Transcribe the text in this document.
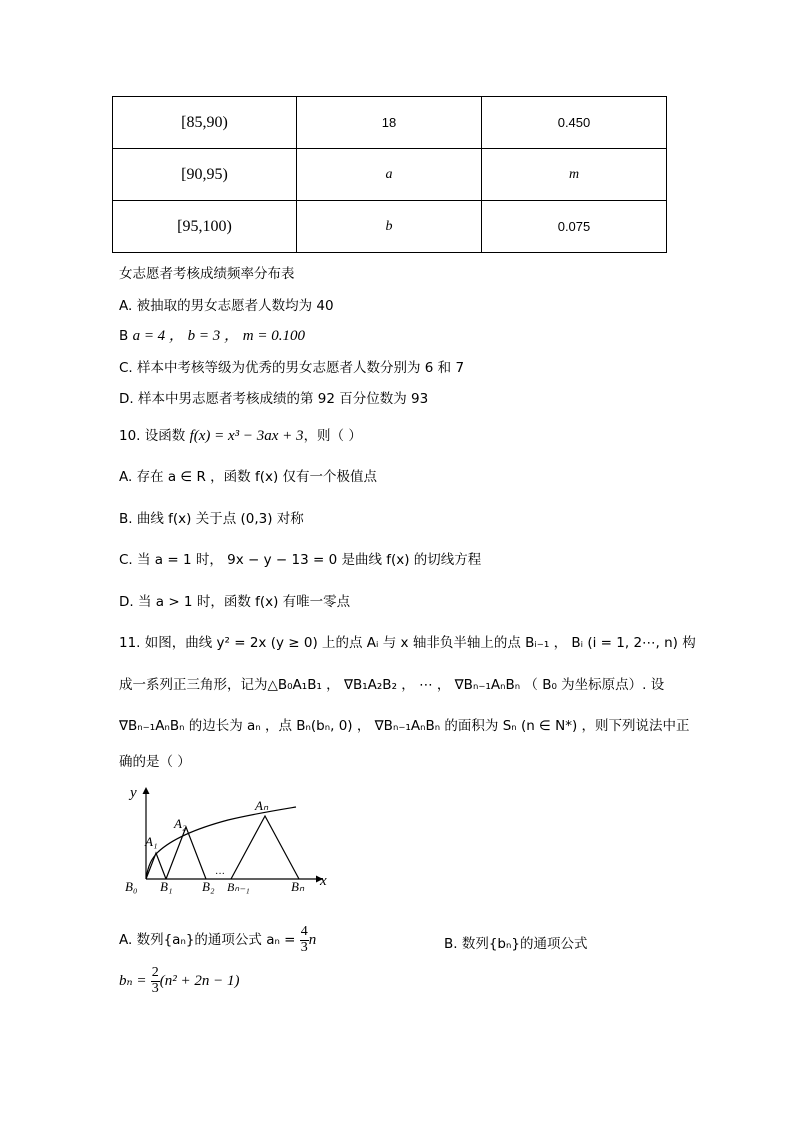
[85,90)	18	0.450
[90,95)	a	m
[95,100)	b	0.075
女志愿者考核成绩频率分布表
A. 被抽取的男女志愿者人数均为 40
B a = 4 ， b = 3 ， m = 0.100
C. 样本中考核等级为优秀的男女志愿者人数分别为 6 和 7
D. 样本中男志愿者考核成绩的第 92 百分位数为 93
10. 设函数 f(x) = x³ − 3ax + 3，则（ ）
A. 存在 a ∈ R ，函数 f(x) 仅有一个极值点
B. 曲线 f(x) 关于点 (0,3) 对称
C. 当 a = 1 时， 9x − y − 13 = 0 是曲线 f(x) 的切线方程
D. 当 a > 1 时，函数 f(x) 有唯一零点
11. 如图，曲线 y² = 2x (y ≥ 0) 上的点 Aᵢ 与 x 轴非负半轴上的点 Bᵢ₋₁ ， Bᵢ (i = 1, 2⋯, n) 构
成一系列正三角形，记为△B₀A₁B₁ ， ∇B₁A₂B₂ ， ⋯ ， ∇Bₙ₋₁AₙBₙ （ B₀ 为坐标原点）. 设
∇Bₙ₋₁AₙBₙ 的边长为 aₙ ，点 Bₙ(bₙ, 0) ， ∇Bₙ₋₁AₙBₙ 的面积为 Sₙ (n ∈ N*) ，则下列说法中正
确的是（ ）
y
x
A₁
A₂
Aₙ
B₀ B₁ B₂ Bₙ₋₁	Bₙ
···
A. 数列{aₙ}的通项公式 $a_n = \frac{4}{3}$ n	B. 数列{bₙ}的通项公式
$b_n = \frac{2}{3} (n^2 + 2n - 1)$
